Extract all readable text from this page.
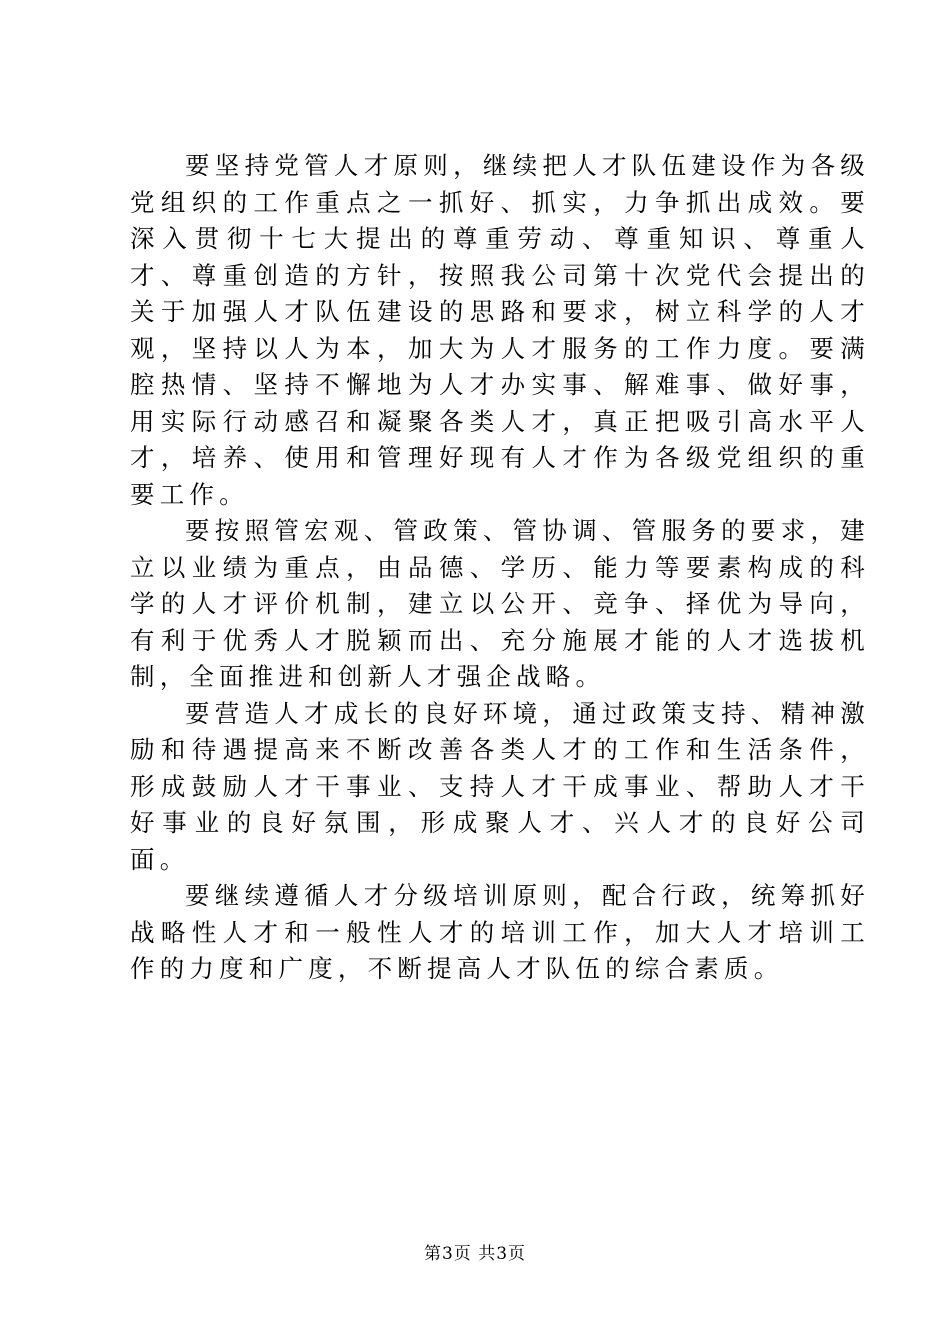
要坚持党管人才原则，继续把人才队伍建设作为各级党组织的工作重点之一抓好、抓实，力争抓出成效。要深入贯彻十七大提出的尊重劳动、尊重知识、尊重人才、尊重创造的方针，按照我公司第十次党代会提出的关于加强人才队伍建设的思路和要求，树立科学的人才观，坚持以人为本，加大为人才服务的工作力度。要满腔热情、坚持不懈地为人才办实事、解难事、做好事，用实际行动感召和凝聚各类人才，真正把吸引高水平人才，培养、使用和管理好现有人才作为各级党组织的重要工作。

要按照管宏观、管政策、管协调、管服务的要求，建立以业绩为重点，由品德、学历、能力等要素构成的科学的人才评价机制，建立以公开、竞争、择优为导向，有利于优秀人才脱颖而出、充分施展才能的人才选拔机制，全面推进和创新人才强企战略。

要营造人才成长的良好环境，通过政策支持、精神激励和待遇提高来不断改善各类人才的工作和生活条件，形成鼓励人才干事业、支持人才干成事业、帮助人才干好事业的良好氛围，形成聚人才、兴人才的良好公司面。

要继续遵循人才分级培训原则，配合行政，统筹抓好战略性人才和一般性人才的培训工作，加大人才培训工作的力度和广度，不断提高人才队伍的综合素质。

第3页 共3页
